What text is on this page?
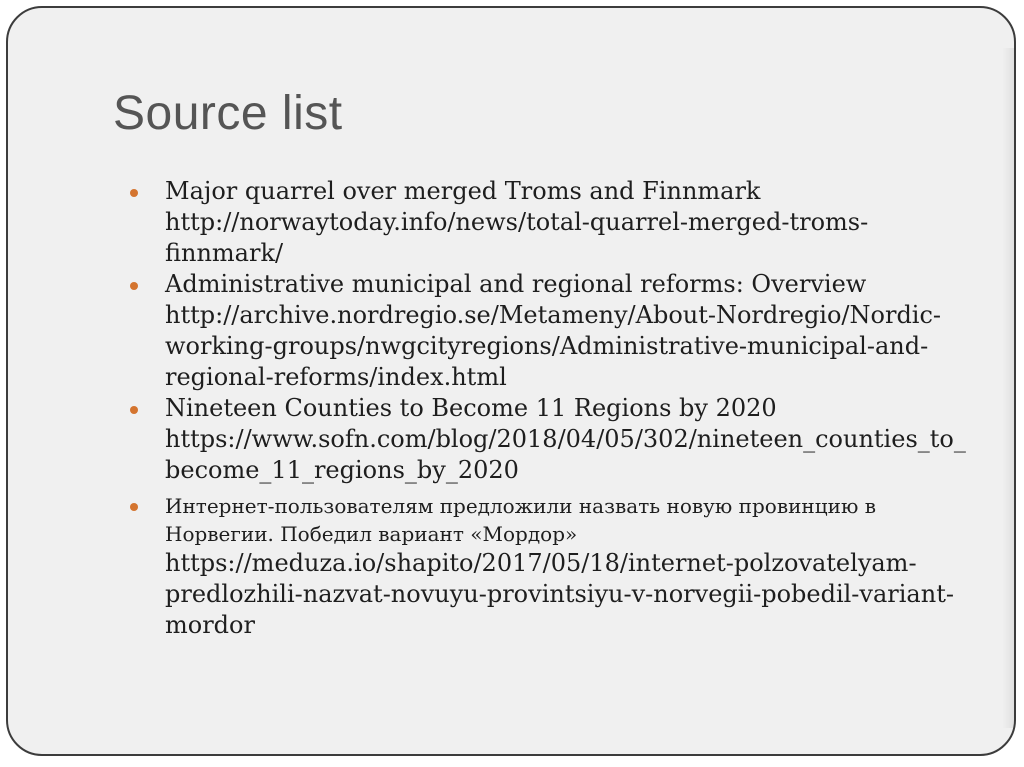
Source list
Major quarrel over merged Troms and Finnmark
http://norwaytoday.info/news/total-quarrel-merged-troms-finnmark/
Administrative municipal and regional reforms: Overview
http://archive.nordregio.se/Metameny/About-Nordregio/Nordic-working-groups/nwgcityregions/Administrative-municipal-and-regional-reforms/index.html
Nineteen Counties to Become 11 Regions by 2020
https://www.sofn.com/blog/2018/04/05/302/nineteen_counties_to_become_11_regions_by_2020
Интернет-пользователям предложили назвать новую провинцию в Норвегии. Победил вариант «Мордор»
https://meduza.io/shapito/2017/05/18/internet-polzovatelyam-predlozhili-nazvat-novuyu-provintsiyu-v-norvegii-pobedil-variant-mordor
